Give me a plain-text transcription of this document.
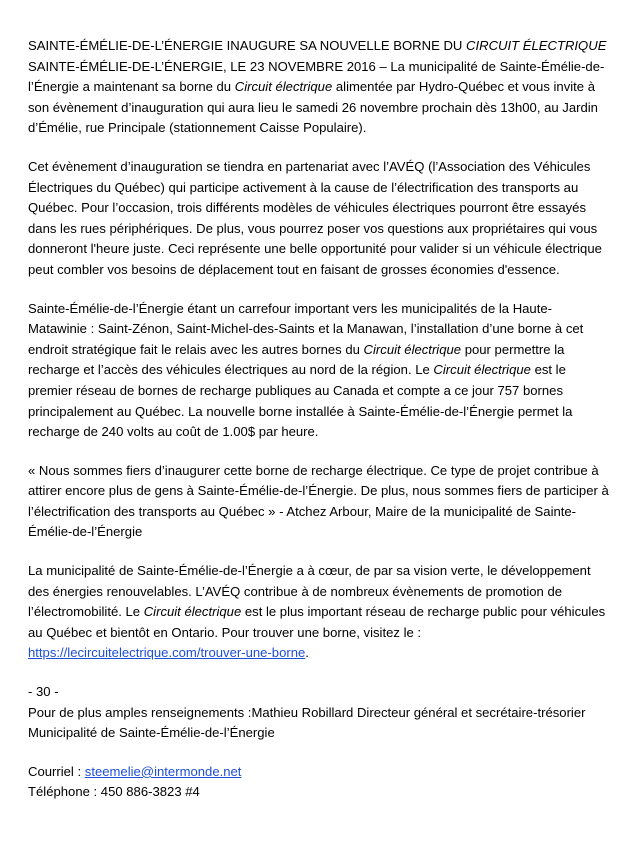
SAINTE-ÉMÉLIE-DE-L’ÉNERGIE INAUGURE SA NOUVELLE BORNE DU CIRCUIT ÉLECTRIQUE

SAINTE-ÉMÉLIE-DE-L’ÉNERGIE, LE 23 NOVEMBRE 2016 – La municipalité de Sainte-Émélie-de-l’Énergie a maintenant sa borne du Circuit électrique alimentée par Hydro-Québec et vous invite à son évènement d’inauguration qui aura lieu le samedi 26 novembre prochain dès 13h00, au Jardin d’Émélie, rue Principale (stationnement Caisse Populaire).

Cet évènement d’inauguration se tiendra en partenariat avec l’AVÉQ (l’Association des Véhicules Électriques du Québec) qui participe activement à la cause de l’électrification des transports au Québec. Pour l’occasion, trois différents modèles de véhicules électriques pourront être essayés dans les rues périphériques. De plus, vous pourrez poser vos questions aux propriétaires qui vous donneront l'heure juste. Ceci représente une belle opportunité pour valider si un véhicule électrique peut combler vos besoins de déplacement tout en faisant de grosses économies d'essence.

Sainte-Émélie-de-l’Énergie étant un carrefour important vers les municipalités de la Haute-Matawinie : Saint-Zénon, Saint-Michel-des-Saints et la Manawan, l’installation d’une borne à cet endroit stratégique fait le relais avec les autres bornes du Circuit électrique pour permettre la recharge et l’accès des véhicules électriques au nord de la région. Le Circuit électrique est le premier réseau de bornes de recharge publiques au Canada et compte a ce jour 757 bornes principalement au Québec. La nouvelle borne installée à Sainte-Émélie-de-l’Énergie permet la recharge de 240 volts au coût de 1.00$ par heure.

« Nous sommes fiers d’inaugurer cette borne de recharge électrique. Ce type de projet contribue à attirer encore plus de gens à Sainte-Émélie-de-l’Énergie. De plus, nous sommes fiers de participer à l’électrification des transports au Québec » - Atchez Arbour, Maire de la municipalité de Sainte-Émélie-de-l’Énergie

La municipalité de Sainte-Émélie-de-l’Énergie a à cœur, de par sa vision verte, le développement des énergies renouvelables. L’AVÉQ contribue à de nombreux évènements de promotion de l’électromobilité. Le Circuit électrique est le plus important réseau de recharge public pour véhicules au Québec et bientôt en Ontario. Pour trouver une borne, visitez le : https://lecircuitelectrique.com/trouver-une-borne.

- 30 -

Pour de plus amples renseignements :Mathieu Robillard Directeur général et secrétaire-trésorier Municipalité de Sainte-Émélie-de-l’Énergie

Courriel : steemelie@intermonde.net

Téléphone : 450 886-3823 #4
